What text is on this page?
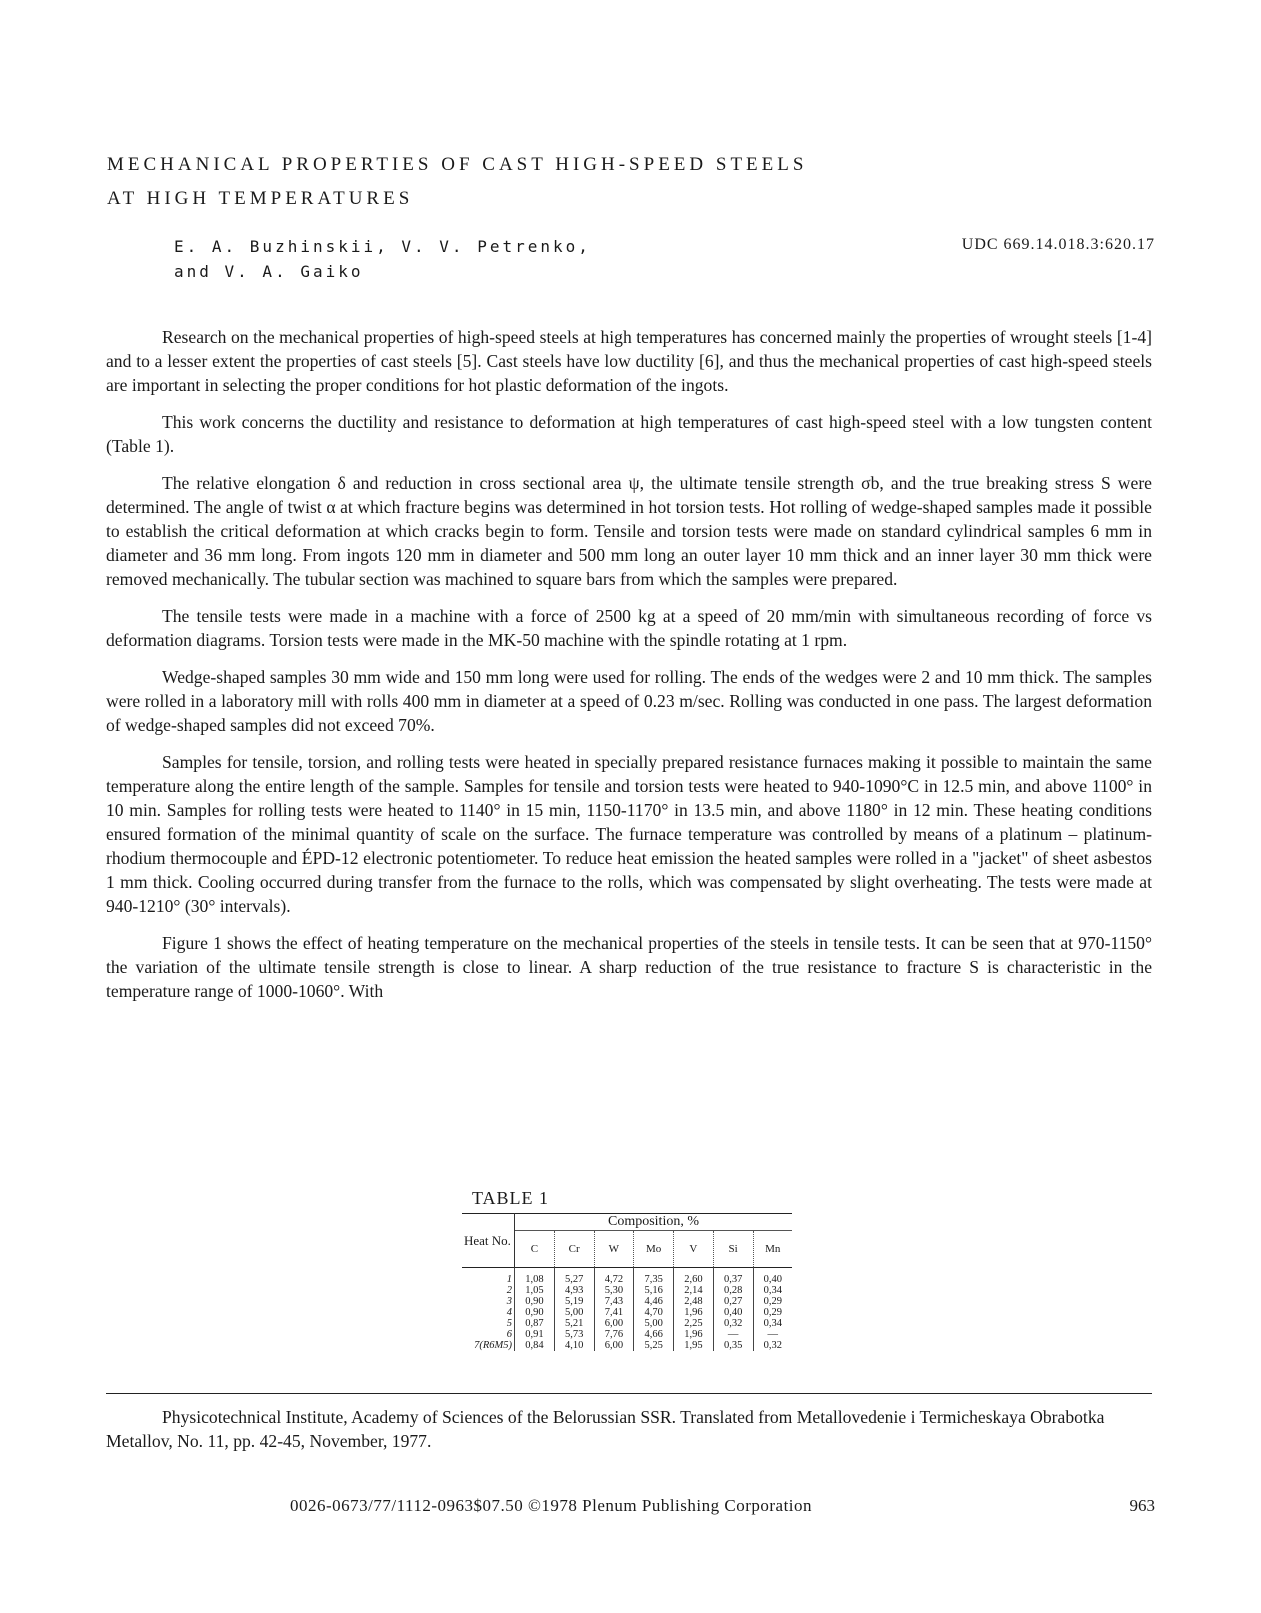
MECHANICAL PROPERTIES OF CAST HIGH-SPEED STEELS
AT HIGH TEMPERATURES
E. A. Buzhinskii, V. V. Petrenko,
and V. A. Gaiko
UDC 669.14.018.3:620.17

Research on the mechanical properties of high-speed steels at high temperatures has concerned mainly the properties of wrought steels [1-4] and to a lesser extent the properties of cast steels [5]. Cast steels have low ductility [6], and thus the mechanical properties of cast high-speed steels are important in selecting the proper conditions for hot plastic deformation of the ingots.

This work concerns the ductility and resistance to deformation at high temperatures of cast high-speed steel with a low tungsten content (Table 1).

The relative elongation δ and reduction in cross sectional area ψ, the ultimate tensile strength σb, and the true breaking stress S were determined. The angle of twist α at which fracture begins was determined in hot torsion tests. Hot rolling of wedge-shaped samples made it possible to establish the critical deformation at which cracks begin to form. Tensile and torsion tests were made on standard cylindrical samples 6 mm in diameter and 36 mm long. From ingots 120 mm in diameter and 500 mm long an outer layer 10 mm thick and an inner layer 30 mm thick were removed mechanically. The tubular section was machined to square bars from which the samples were prepared.

The tensile tests were made in a machine with a force of 2500 kg at a speed of 20 mm/min with simultaneous recording of force vs deformation diagrams. Torsion tests were made in the MK-50 machine with the spindle rotating at 1 rpm.

Wedge-shaped samples 30 mm wide and 150 mm long were used for rolling. The ends of the wedges were 2 and 10 mm thick. The samples were rolled in a laboratory mill with rolls 400 mm in diameter at a speed of 0.23 m/sec. Rolling was conducted in one pass. The largest deformation of wedge-shaped samples did not exceed 70%.

Samples for tensile, torsion, and rolling tests were heated in specially prepared resistance furnaces making it possible to maintain the same temperature along the entire length of the sample. Samples for tensile and torsion tests were heated to 940-1090°C in 12.5 min, and above 1100° in 10 min. Samples for rolling tests were heated to 1140° in 15 min, 1150-1170° in 13.5 min, and above 1180° in 12 min. These heating conditions ensured formation of the minimal quantity of scale on the surface. The furnace temperature was controlled by means of a platinum – platinum-rhodium thermocouple and ÉPD-12 electronic potentiometer. To reduce heat emission the heated samples were rolled in a "jacket" of sheet asbestos 1 mm thick. Cooling occurred during transfer from the furnace to the rolls, which was compensated by slight overheating. The tests were made at 940-1210° (30° intervals).

Figure 1 shows the effect of heating temperature on the mechanical properties of the steels in tensile tests. It can be seen that at 970-1150° the variation of the ultimate tensile strength is close to linear. A sharp reduction of the true resistance to fracture S is characteristic in the temperature range of 1000-1060°. With

TABLE 1
Heat No.	Composition, %						
	C	Cr	W	Mo	V	Si	Mn
1	1,08	5,27	4,72	7,35	2,60	0,37	0,40
2	1,05	4,93	5,30	5,16	2,14	0,28	0,34
3	0,90	5,19	7,43	4,46	2,48	0,27	0,29
4	0,90	5,00	7,41	4,70	1,96	0,40	0,29
5	0,87	5,21	6,00	5,00	2,25	0,32	0,34
6	0,91	5,73	7,76	4,66	1,96	—	—
7(R6M5)	0,84	4,10	6,00	5,25	1,95	0,35	0,32

Physicotechnical Institute, Academy of Sciences of the Belorussian SSR. Translated from Metallovedenie i Termicheskaya Obrabotka Metallov, No. 11, pp. 42-45, November, 1977.

0026-0673/77/1112-0963$07.50 ©1978 Plenum Publishing Corporation	963
